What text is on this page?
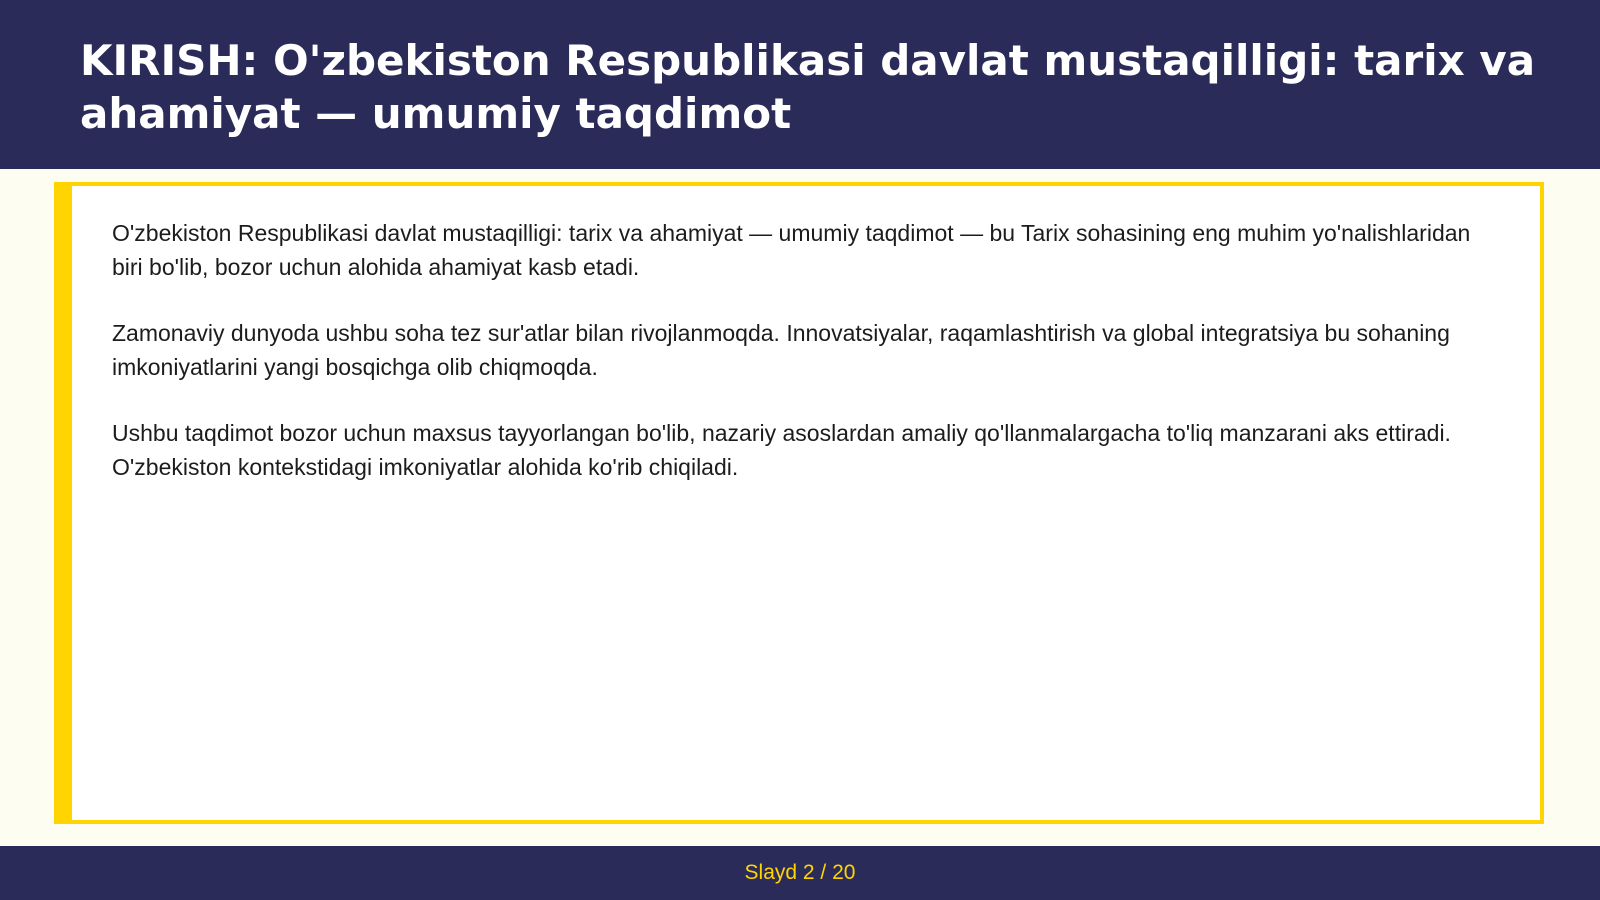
KIRISH: O'zbekiston Respublikasi davlat mustaqilligi: tarix va ahamiyat — umumiy taqdimot

O'zbekiston Respublikasi davlat mustaqilligi: tarix va ahamiyat — umumiy taqdimot — bu Tarix sohasining eng muhim yo'nalishlaridan biri bo'lib, bozor uchun alohida ahamiyat kasb etadi.

Zamonaviy dunyoda ushbu soha tez sur'atlar bilan rivojlanmoqda. Innovatsiyalar, raqamlashtirish va global integratsiya bu sohaning imkoniyatlarini yangi bosqichga olib chiqmoqda.

Ushbu taqdimot bozor uchun maxsus tayyorlangan bo'lib, nazariy asoslardan amaliy qo'llanmalargacha to'liq manzarani aks ettiradi. O'zbekiston kontekstidagi imkoniyatlar alohida ko'rib chiqiladi.

Slayd 2 / 20
